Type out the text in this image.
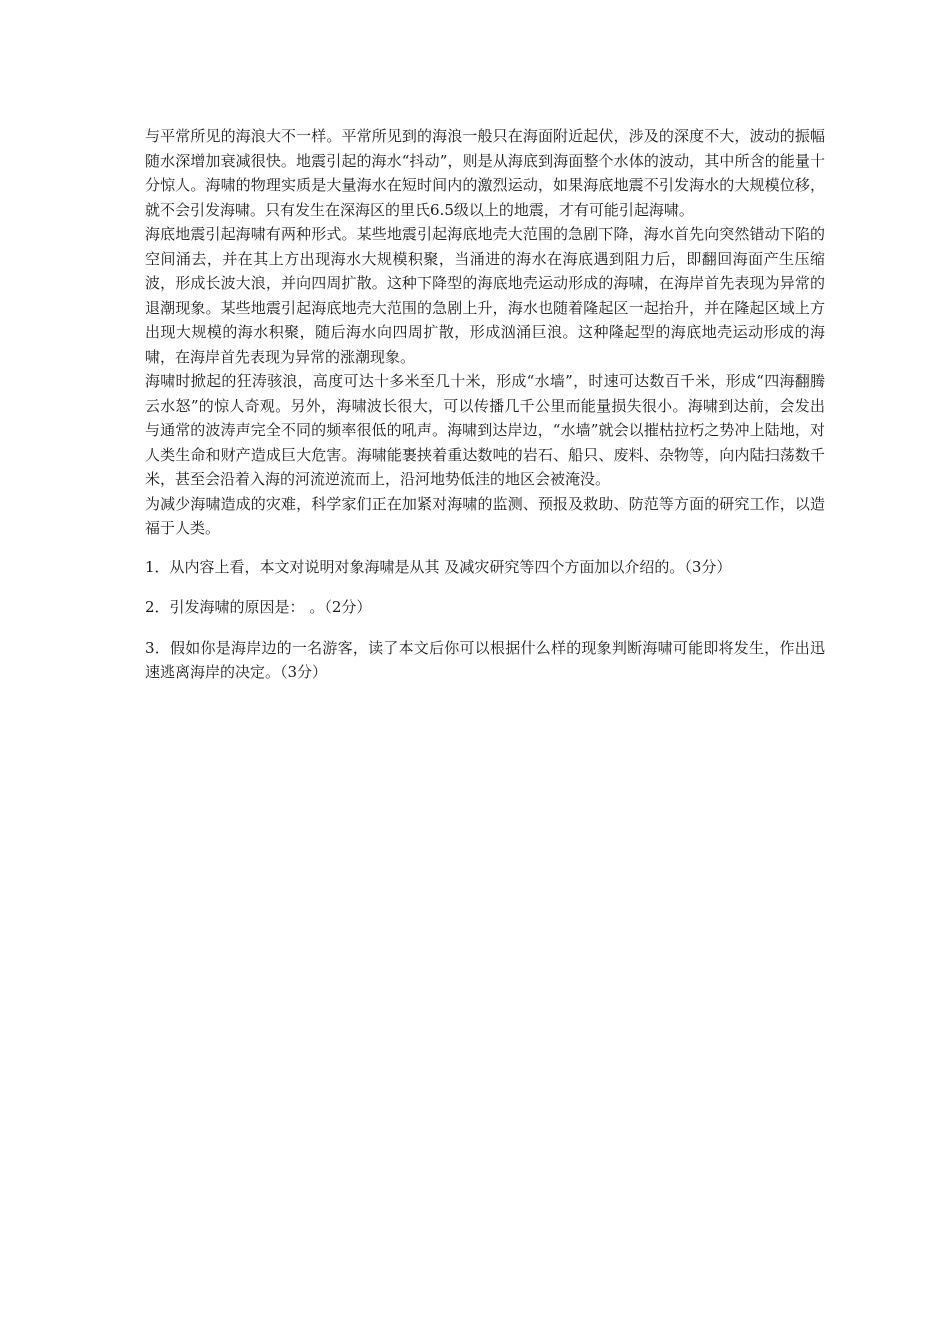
与平常所见的海浪大不一样。平常所见到的海浪一般只在海面附近起伏，涉及的深度不大，波动的振幅随水深增加衰减很快。地震引起的海水“抖动”，则是从海底到海面整个水体的波动，其中所含的能量十分惊人。海啸的物理实质是大量海水在短时间内的激烈运动，如果海底地震不引发海水的大规模位移，就不会引发海啸。只有发生在深海区的里氏6.5级以上的地震，才有可能引起海啸。

海底地震引起海啸有两种形式。某些地震引起海底地壳大范围的急剧下降，海水首先向突然错动下陷的空间涌去，并在其上方出现海水大规模积聚，当涌进的海水在海底遇到阻力后，即翻回海面产生压缩波，形成长波大浪，并向四周扩散。这种下降型的海底地壳运动形成的海啸，在海岸首先表现为异常的退潮现象。某些地震引起海底地壳大范围的急剧上升，海水也随着隆起区一起抬升，并在隆起区域上方出现大规模的海水积聚，随后海水向四周扩散，形成汹涌巨浪。这种隆起型的海底地壳运动形成的海啸，在海岸首先表现为异常的涨潮现象。

海啸时掀起的狂涛骇浪，高度可达十多米至几十米，形成“水墙”，时速可达数百千米，形成“四海翻腾云水怒”的惊人奇观。另外，海啸波长很大，可以传播几千公里而能量损失很小。海啸到达前，会发出与通常的波涛声完全不同的频率很低的吼声。海啸到达岸边，“水墙”就会以摧枯拉朽之势冲上陆地，对人类生命和财产造成巨大危害。海啸能裹挟着重达数吨的岩石、船只、废料、杂物等，向内陆扫荡数千米，甚至会沿着入海的河流逆流而上，沿河地势低洼的地区会被淹没。

为减少海啸造成的灾难，科学家们正在加紧对海啸的监测、预报及救助、防范等方面的研究工作，以造福于人类。

1．从内容上看，本文对说明对象海啸是从其 及减灾研究等四个方面加以介绍的。（3分）

2．引发海啸的原因是： 。（2分）

3．假如你是海岸边的一名游客，读了本文后你可以根据什么样的现象判断海啸可能即将发生，作出迅速逃离海岸的决定。（3分）
